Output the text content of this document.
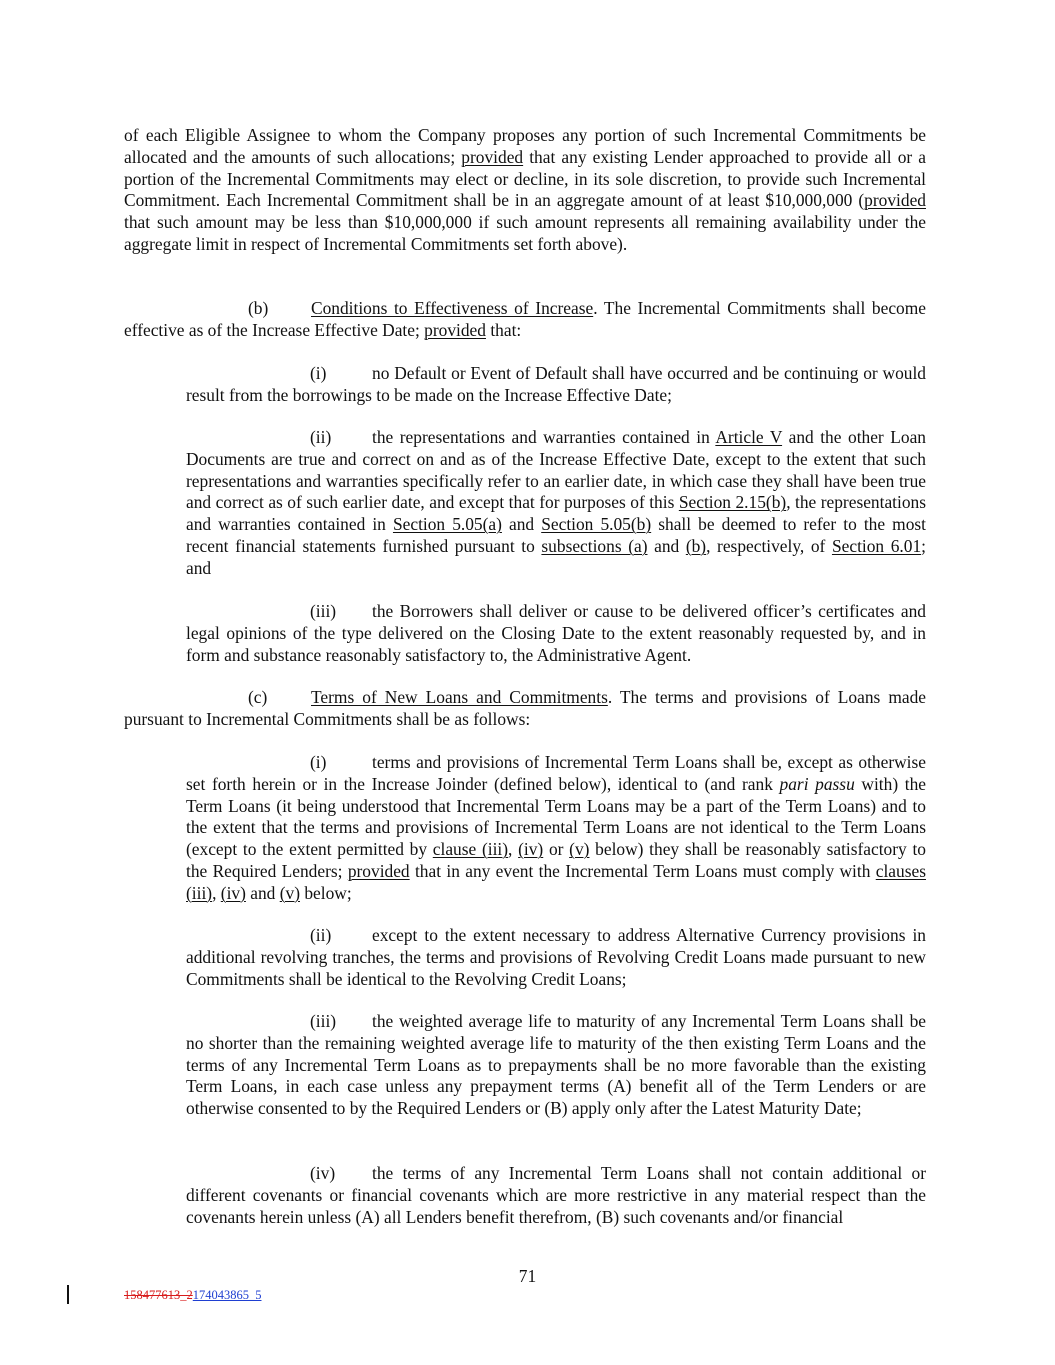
of each Eligible Assignee to whom the Company proposes any portion of such Incremental Commitments be allocated and the amounts of such allocations; provided that any existing Lender approached to provide all or a portion of the Incremental Commitments may elect or decline, in its sole discretion, to provide such Incremental Commitment. Each Incremental Commitment shall be in an aggregate amount of at least $10,000,000 (provided that such amount may be less than $10,000,000 if such amount represents all remaining availability under the aggregate limit in respect of Incremental Commitments set forth above).

(b) Conditions to Effectiveness of Increase. The Incremental Commitments shall become effective as of the Increase Effective Date; provided that:

(i)	no Default or Event of Default shall have occurred and be continuing or would result from the borrowings to be made on the Increase Effective Date;

(ii) the representations and warranties contained in Article V and the other Loan Documents are true and correct on and as of the Increase Effective Date, except to the extent that such representations and warranties specifically refer to an earlier date, in which case they shall have been true and correct as of such earlier date, and except that for purposes of this Section 2.15(b), the representations and warranties contained in Section 5.05(a) and Section 5.05(b) shall be deemed to refer to the most recent financial statements furnished pursuant to subsections (a) and (b), respectively, of Section 6.01; and

(iii) the Borrowers shall deliver or cause to be delivered officer’s certificates and legal opinions of the type delivered on the Closing Date to the extent reasonably requested by, and in form and substance reasonably satisfactory to, the Administrative Agent.

(c)	Terms of New Loans and Commitments. The terms and provisions of Loans made pursuant to Incremental Commitments shall be as follows:

(i)	terms and provisions of Incremental Term Loans shall be, except as otherwise set forth herein or in the Increase Joinder (defined below), identical to (and rank pari passu with) the Term Loans (it being understood that Incremental Term Loans may be a part of the Term Loans) and to the extent that the terms and provisions of Incremental Term Loans are not identical to the Term Loans (except to the extent permitted by clause (iii), (iv) or (v) below) they shall be reasonably satisfactory to the Required Lenders; provided that in any event the Incremental Term Loans must comply with clauses (iii), (iv) and (v) below;

(ii) except to the extent necessary to address Alternative Currency provisions in additional revolving tranches, the terms and provisions of Revolving Credit Loans made pursuant to new Commitments shall be identical to the Revolving Credit Loans;

(iii) the weighted average life to maturity of any Incremental Term Loans shall be no shorter than the remaining weighted average life to maturity of the then existing Term Loans and the terms of any Incremental Term Loans as to prepayments shall be no more favorable than the existing Term Loans, in each case unless any prepayment terms (A) benefit all of the Term Lenders or are otherwise consented to by the Required Lenders or (B) apply only after the Latest Maturity Date;

(iv) the terms of any Incremental Term Loans shall not contain additional or different covenants or financial covenants which are more restrictive in any material respect than the covenants herein unless (A) all Lenders benefit therefrom, (B) such covenants and/or financial

71

158477613_2174043865_5
